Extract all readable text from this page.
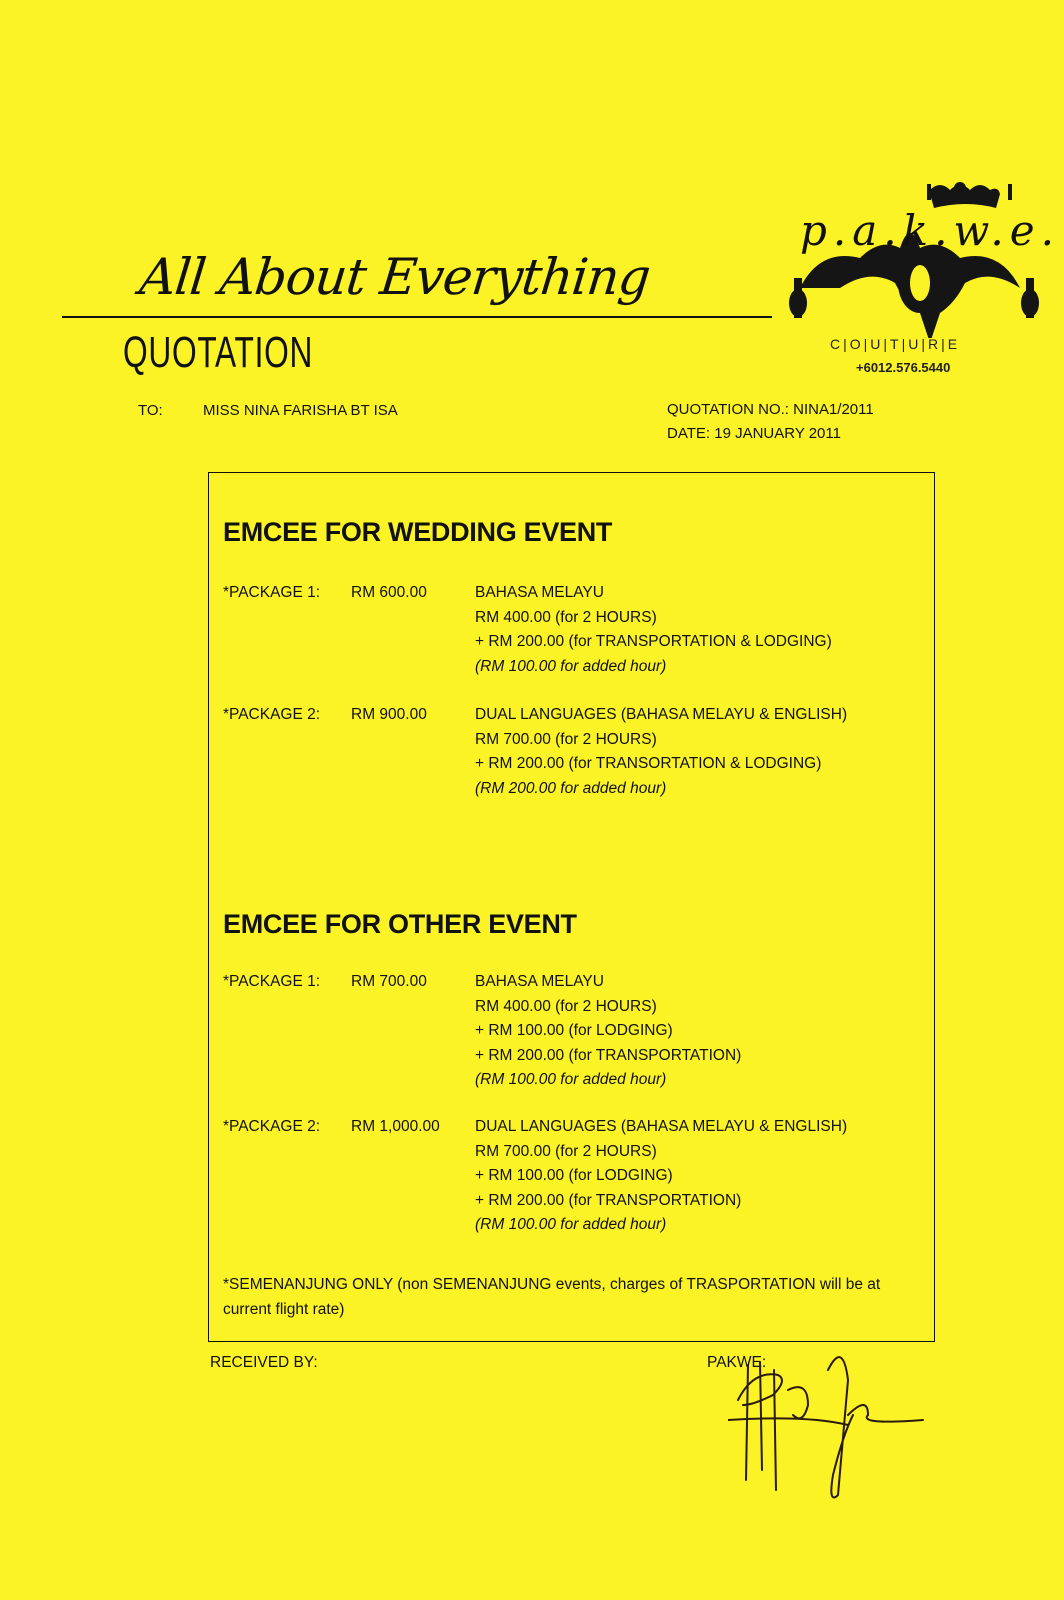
All About Everything
QUOTATION
p.a.k.w.e.
C|O|U|T|U|R|E
+6012.576.5440
TO:	MISS NINA FARISHA BT ISA	QUOTATION NO.: NINA1/2011
DATE: 19 JANUARY 2011
EMCEE FOR WEDDING EVENT
*PACKAGE 1:	RM 600.00	BAHASA MELAYU
RM 400.00 (for 2 HOURS)
+ RM 200.00 (for TRANSPORTATION & LODGING)
(RM 100.00 for added hour)
*PACKAGE 2:	RM 900.00	DUAL LANGUAGES (BAHASA MELAYU & ENGLISH)
RM 700.00 (for 2 HOURS)
+ RM 200.00 (for TRANSORTATION & LODGING)
(RM 200.00 for added hour)
EMCEE FOR OTHER EVENT
*PACKAGE 1:	RM 700.00	BAHASA MELAYU
RM 400.00 (for 2 HOURS)
+ RM 100.00 (for LODGING)
+ RM 200.00 (for TRANSPORTATION)
(RM 100.00 for added hour)
*PACKAGE 2:	RM 1,000.00	DUAL LANGUAGES (BAHASA MELAYU & ENGLISH)
RM 700.00 (for 2 HOURS)
+ RM 100.00 (for LODGING)
+ RM 200.00 (for TRANSPORTATION)
(RM 100.00 for added hour)
*SEMENANJUNG ONLY (non SEMENANJUNG events, charges of TRASPORTATION will be at current flight rate)
RECEIVED BY:	PAKWE:
